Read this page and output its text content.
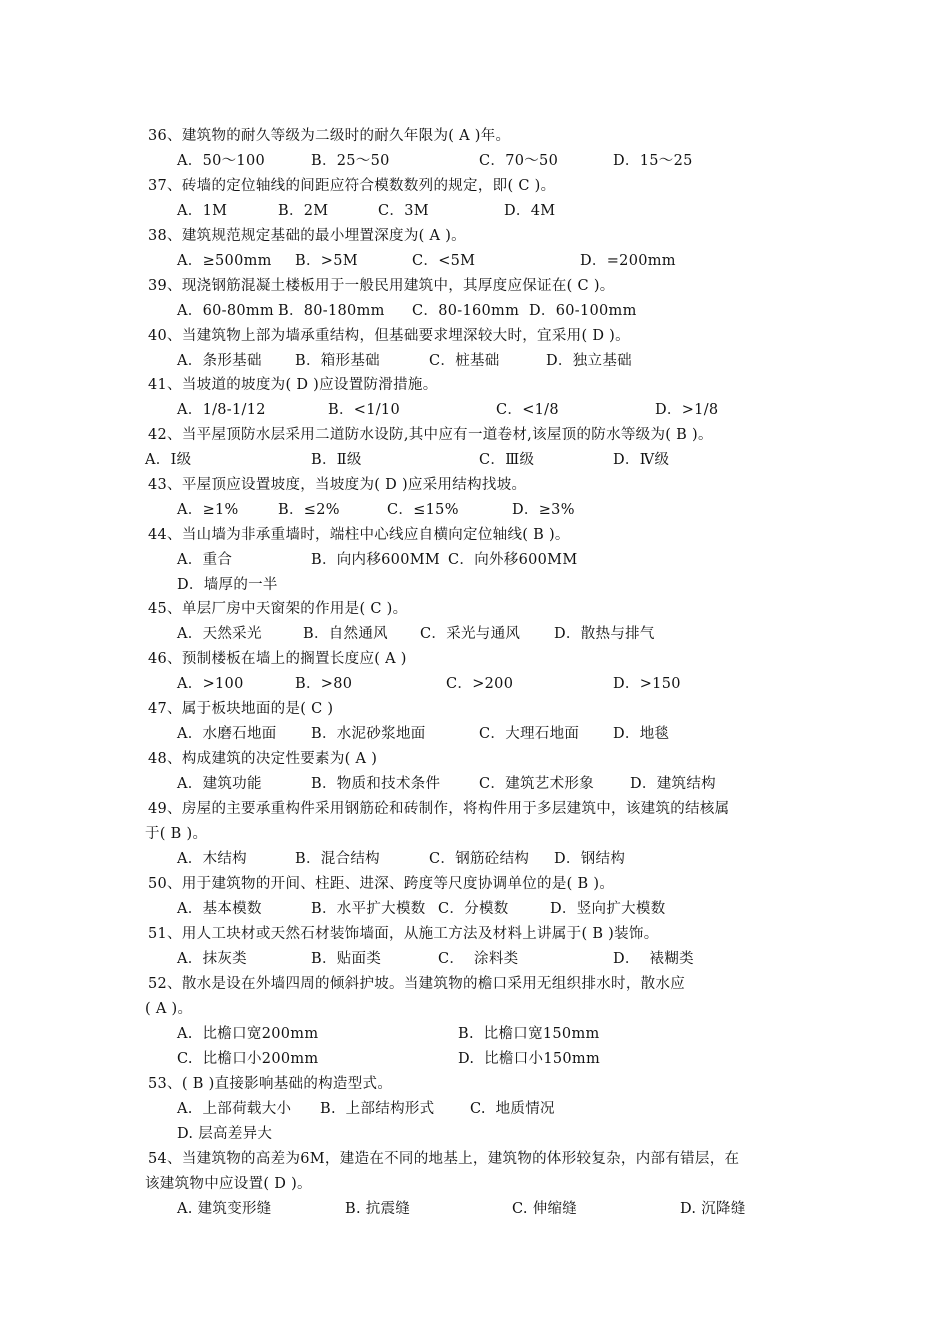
36、建筑物的耐久等级为二级时的耐久年限为( A )年。
A．50～100	B．25～50	C．70～50	D．15～25
37、砖墙的定位轴线的间距应符合模数数列的规定，即( C )。
A．1M	B．2M	C．3M	D．4M
38、建筑规范规定基础的最小埋置深度为( A )。
A．≥500mm B．>5M	C．<5M	D．=200mm
39、现浇钢筋混凝土楼板用于一般民用建筑中，其厚度应保证在( C )。
A．60-80mm B．80-180mm C．80-160mm D．60-100mm
40、当建筑物上部为墙承重结构，但基础要求埋深较大时，宜采用( D )。
A．条形基础 B．箱形基础	C．桩基础	D．独立基础
41、当坡道的坡度为( D )应设置防滑措施。
A．1/8-1/12	B．<1/10	C．<1/8	D．>1/8
42、当平屋顶防水层采用二道防水设防,其中应有一道卷材,该屋顶的防水等级为( B )。
A．Ⅰ级	B．Ⅱ级	C．Ⅲ级	D．Ⅳ级
43、平屋顶应设置坡度，当坡度为( D )应采用结构找坡。
A．≥1%	B．≤2%	C．≤15%	D．≥3%
44、当山墙为非承重墙时，端柱中心线应自横向定位轴线( B )。
A．重合	B．向内移600MM C．向外移600MM
D．墙厚的一半
45、单层厂房中天窗架的作用是( C )。
A．天然采光	B．自然通风 C．采光与通风 D．散热与排气
46、预制楼板在墙上的搁置长度应( A )
A．>100	B．>80	C．>200	D．>150
47、属于板块地面的是( C )
A．水磨石地面 B．水泥砂浆地面	C．大理石地面 D．地毯
48、构成建筑的决定性要素为( A )
A．建筑功能	B．物质和技术条件	C．建筑艺术形象 D．建筑结构
49、房屋的主要承重构件采用钢筋砼和砖制作，将构件用于多层建筑中，该建筑的结核属
于( B )。
A．木结构	B．混合结构	C．钢筋砼结构 D．钢结构
50、用于建筑物的开间、柱距、进深、跨度等尺度协调单位的是( B )。
A．基本模数	B．水平扩大模数 C．分模数	D．竖向扩大模数
51、用人工块材或天然石材装饰墙面，从施工方法及材料上讲属于( B )装饰。
A．抹灰类	B．贴面类	C．  涂料类	D．  裱糊类
52、散水是设在外墙四周的倾斜护坡。当建筑物的檐口采用无组织排水时，散水应
( A )。
A.  比檐口宽200mm	B.  比檐口宽150mm
C.  比檐口小200mm	D.  比檐口小150mm
53、( B )直接影响基础的构造型式。
A.  上部荷载大小 B.  上部结构形式 C.  地质情况
D. 层高差异大
54、当建筑物的高差为6M，建造在不同的地基上，建筑物的体形较复杂，内部有错层，在
该建筑物中应设置( D )。
A. 建筑变形缝	B. 抗震缝	C. 伸缩缝	D. 沉降缝
